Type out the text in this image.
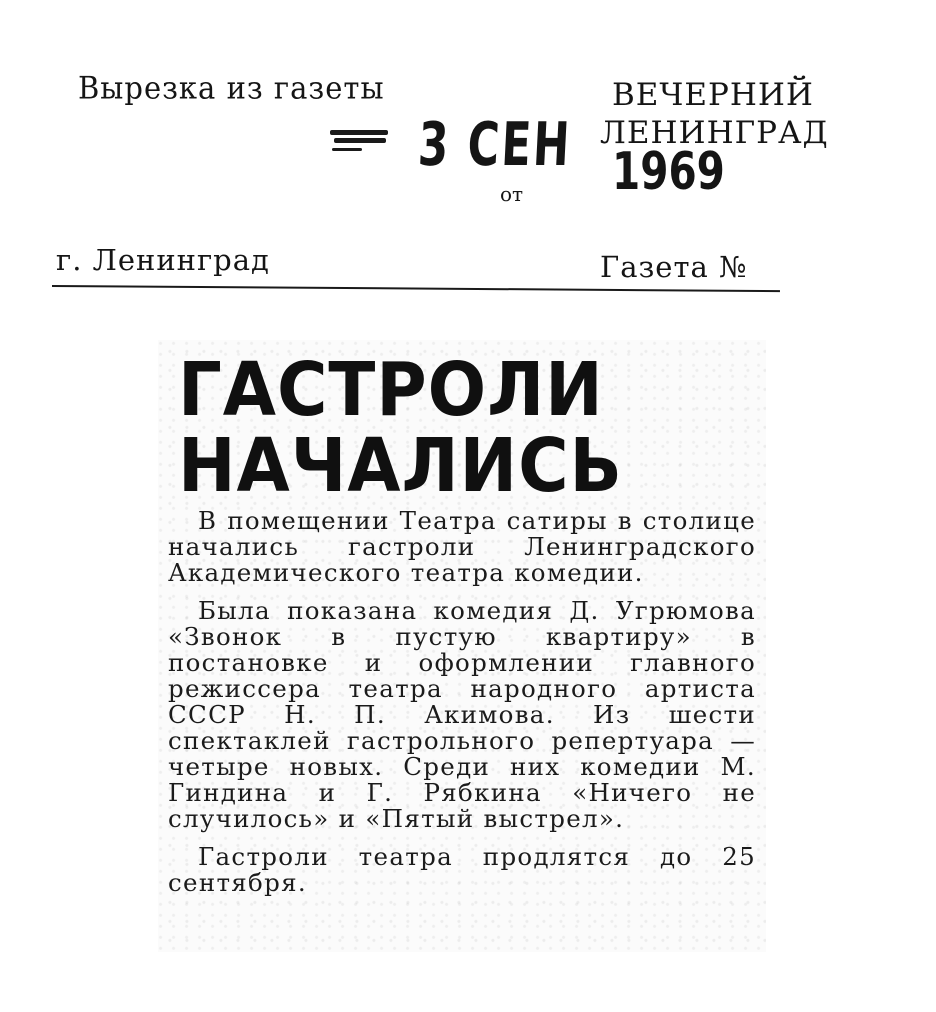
Вырезка из газеты	ВЕЧЕРНИЙ
ЛЕНИНГРАД
3 СЕН 1969
от
г. Ленинград	Газета №
ГАСТРОЛИ
НАЧАЛИСЬ

В помещении Театра сатиры в столице начались гастроли Ленинградского Академического театра комедии.

Была показана комедия Д. Угрюмова «Звонок в пустую квартиру» в постановке и оформлении главного режиссера театра народного артиста СССР Н. П. Акимова. Из шести спектаклей гастрольного репертуара — четыре новых. Среди них комедии М. Гиндина и Г. Рябкина «Ничего не случилось» и «Пятый выстрел».

Гастроли театра продлятся до 25 сентября.
